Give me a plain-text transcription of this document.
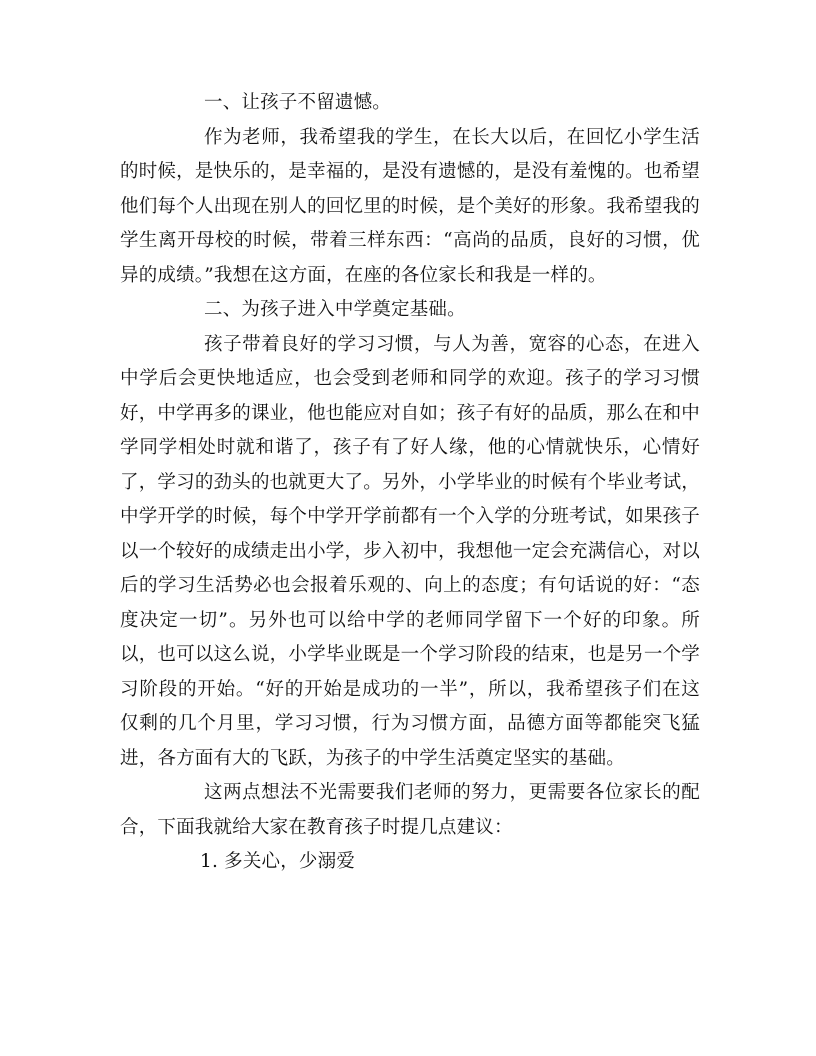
一、让孩子不留遗憾。

作为老师，我希望我的学生，在长大以后，在回忆小学生活的时候，是快乐的，是幸福的，是没有遗憾的，是没有羞愧的。也希望他们每个人出现在别人的回忆里的时候，是个美好的形象。我希望我的学生离开母校的时候，带着三样东西：“高尚的品质，良好的习惯，优异的成绩。”我想在这方面，在座的各位家长和我是一样的。

二、为孩子进入中学奠定基础。

孩子带着良好的学习习惯，与人为善，宽容的心态，在进入中学后会更快地适应，也会受到老师和同学的欢迎。孩子的学习习惯好，中学再多的课业，他也能应对自如；孩子有好的品质，那么在和中学同学相处时就和谐了，孩子有了好人缘，他的心情就快乐，心情好了，学习的劲头的也就更大了。另外，小学毕业的时候有个毕业考试，中学开学的时候，每个中学开学前都有一个入学的分班考试，如果孩子以一个较好的成绩走出小学，步入初中，我想他一定会充满信心，对以后的学习生活势必也会报着乐观的、向上的态度；有句话说的好：“态度决定一切”。另外也可以给中学的老师同学留下一个好的印象。所以，也可以这么说，小学毕业既是一个学习阶段的结束，也是另一个学习阶段的开始。“好的开始是成功的一半”，所以，我希望孩子们在这仅剩的几个月里，学习习惯，行为习惯方面，品德方面等都能突飞猛进，各方面有大的飞跃，为孩子的中学生活奠定坚实的基础。

这两点想法不光需要我们老师的努力，更需要各位家长的配合，下面我就给大家在教育孩子时提几点建议：

1. 多关心，少溺爱
